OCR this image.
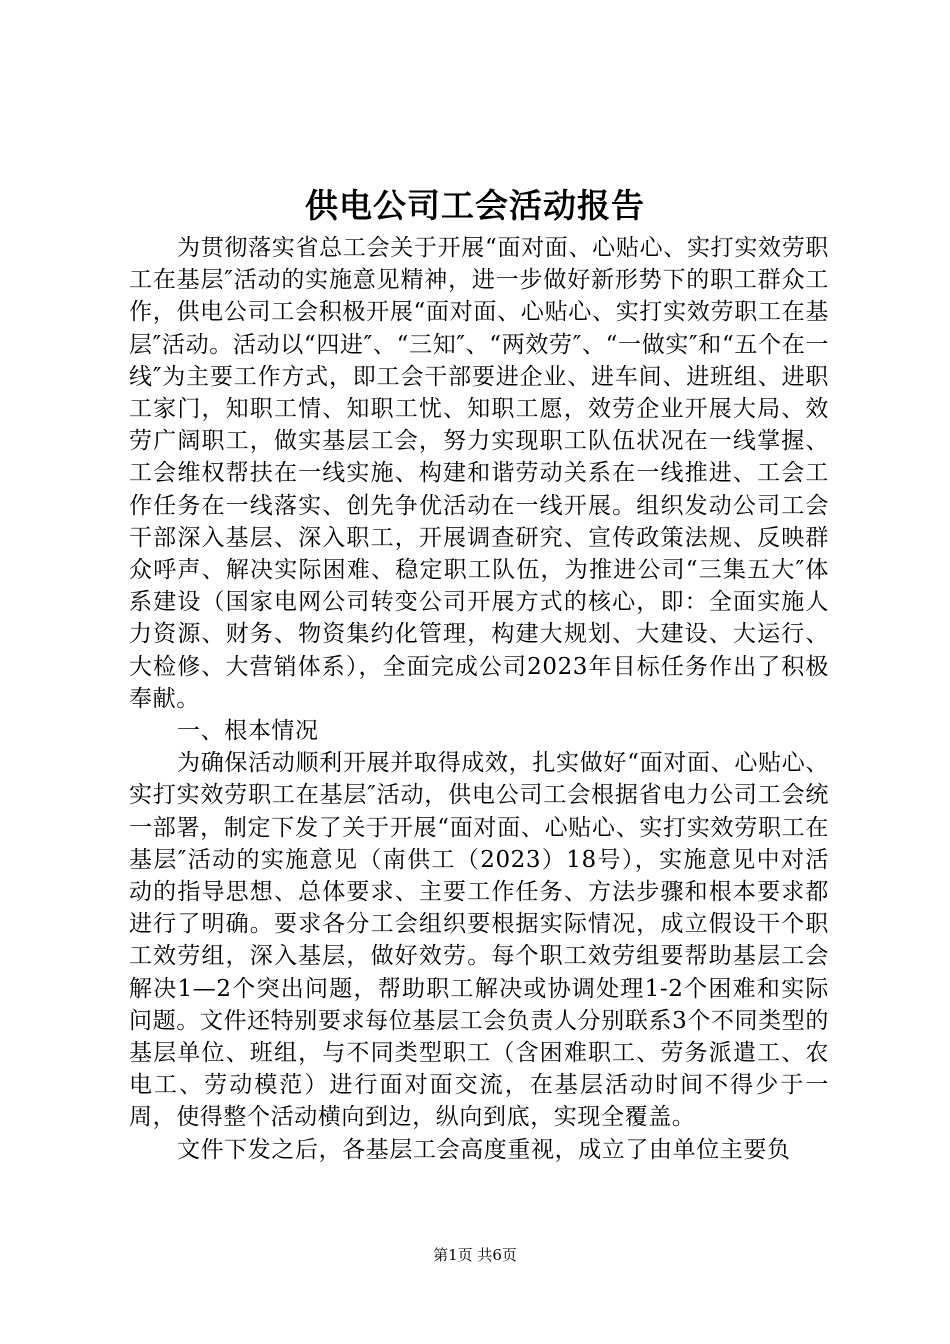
供电公司工会活动报告

为贯彻落实省总工会关于开展“面对面、心贴心、实打实效劳职工在基层″活动的实施意见精神，进一步做好新形势下的职工群众工作，供电公司工会积极开展“面对面、心贴心、实打实效劳职工在基层″活动。活动以“四进″、“三知″、“两效劳″、“一做实″和“五个在一线″为主要工作方式，即工会干部要进企业、进车间、进班组、进职工家门，知职工情、知职工忧、知职工愿，效劳企业开展大局、效劳广阔职工，做实基层工会，努力实现职工队伍状况在一线掌握、工会维权帮扶在一线实施、构建和谐劳动关系在一线推进、工会工作任务在一线落实、创先争优活动在一线开展。组织发动公司工会干部深入基层、深入职工，开展调查研究、宣传政策法规、反映群众呼声、解决实际困难、稳定职工队伍，为推进公司“三集五大″体系建设（国家电网公司转变公司开展方式的核心，即：全面实施人力资源、财务、物资集约化管理，构建大规划、大建设、大运行、大检修、大营销体系），全面完成公司2023年目标任务作出了积极奉献。

一、根本情况

为确保活动顺利开展并取得成效，扎实做好“面对面、心贴心、实打实效劳职工在基层″活动，供电公司工会根据省电力公司工会统一部署，制定下发了关于开展“面对面、心贴心、实打实效劳职工在基层″活动的实施意见（南供工（2023）18号），实施意见中对活动的指导思想、总体要求、主要工作任务、方法步骤和根本要求都进行了明确。要求各分工会组织要根据实际情况，成立假设干个职工效劳组，深入基层，做好效劳。每个职工效劳组要帮助基层工会解决1—2个突出问题，帮助职工解决或协调处理1-2个困难和实际问题。文件还特别要求每位基层工会负责人分别联系3个不同类型的基层单位、班组，与不同类型职工（含困难职工、劳务派遣工、农电工、劳动模范）进行面对面交流，在基层活动时间不得少于一周，使得整个活动横向到边，纵向到底，实现全覆盖。

文件下发之后，各基层工会高度重视，成立了由单位主要负

第1页 共6页
